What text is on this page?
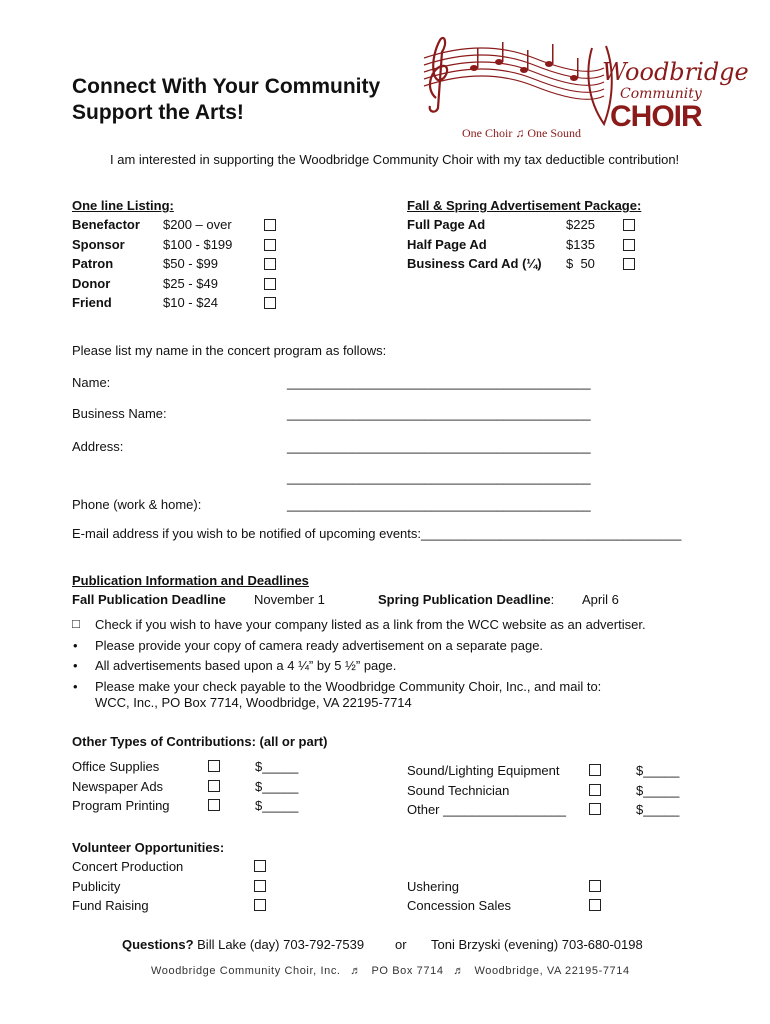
Connect With Your Community
Support the Arts!
Woodbridge
Community
CHOIR
One Choir ♫ One Sound
I am interested in supporting the Woodbridge Community Choir with my tax deductible contribution!
One line Listing:
Benefactor $200 – over
Sponsor	$100 - $199
Patron	$50 - $99
Donor	$25 - $49
Friend	$10 - $24
Fall & Spring Advertisement Package:
Full Page Ad	$225
Half Page Ad	$135
Business Card Ad (¼) $  50
Please list my name in the concert program as follows:
Name:	__________________________________________
Business Name:	__________________________________________
Address:	__________________________________________
__________________________________________
Phone (work & home):	__________________________________________
E-mail address if you wish to be notified of upcoming events:____________________________________
Publication Information and Deadlines
Fall Publication Deadline November 1	Spring Publication Deadline: April 6
□ Check if you wish to have your company listed as a link from the WCC website as an advertiser.
• Please provide your copy of camera ready advertisement on a separate page.
• All advertisements based upon a 4 ¼” by 5 ½” page.
• Please make your check payable to the Woodbridge Community Choir, Inc., and mail to:
WCC, Inc., PO Box 7714, Woodbridge, VA 22195-7714
Other Types of Contributions: (all or part)
Office Supplies	$_____
Newspaper Ads	$_____
Program Printing	$_____
Sound/Lighting Equipment	$_____
Sound Technician	$_____
Other _________________	$_____
Volunteer Opportunities:
Concert Production
Publicity
Fund Raising
Ushering
Concession Sales
Questions? Bill Lake (day) 703-792-7539 or Toni Brzyski (evening) 703-680-0198
Woodbridge Community Choir, Inc. ♬ PO Box 7714 ♬ Woodbridge, VA 22195-7714
